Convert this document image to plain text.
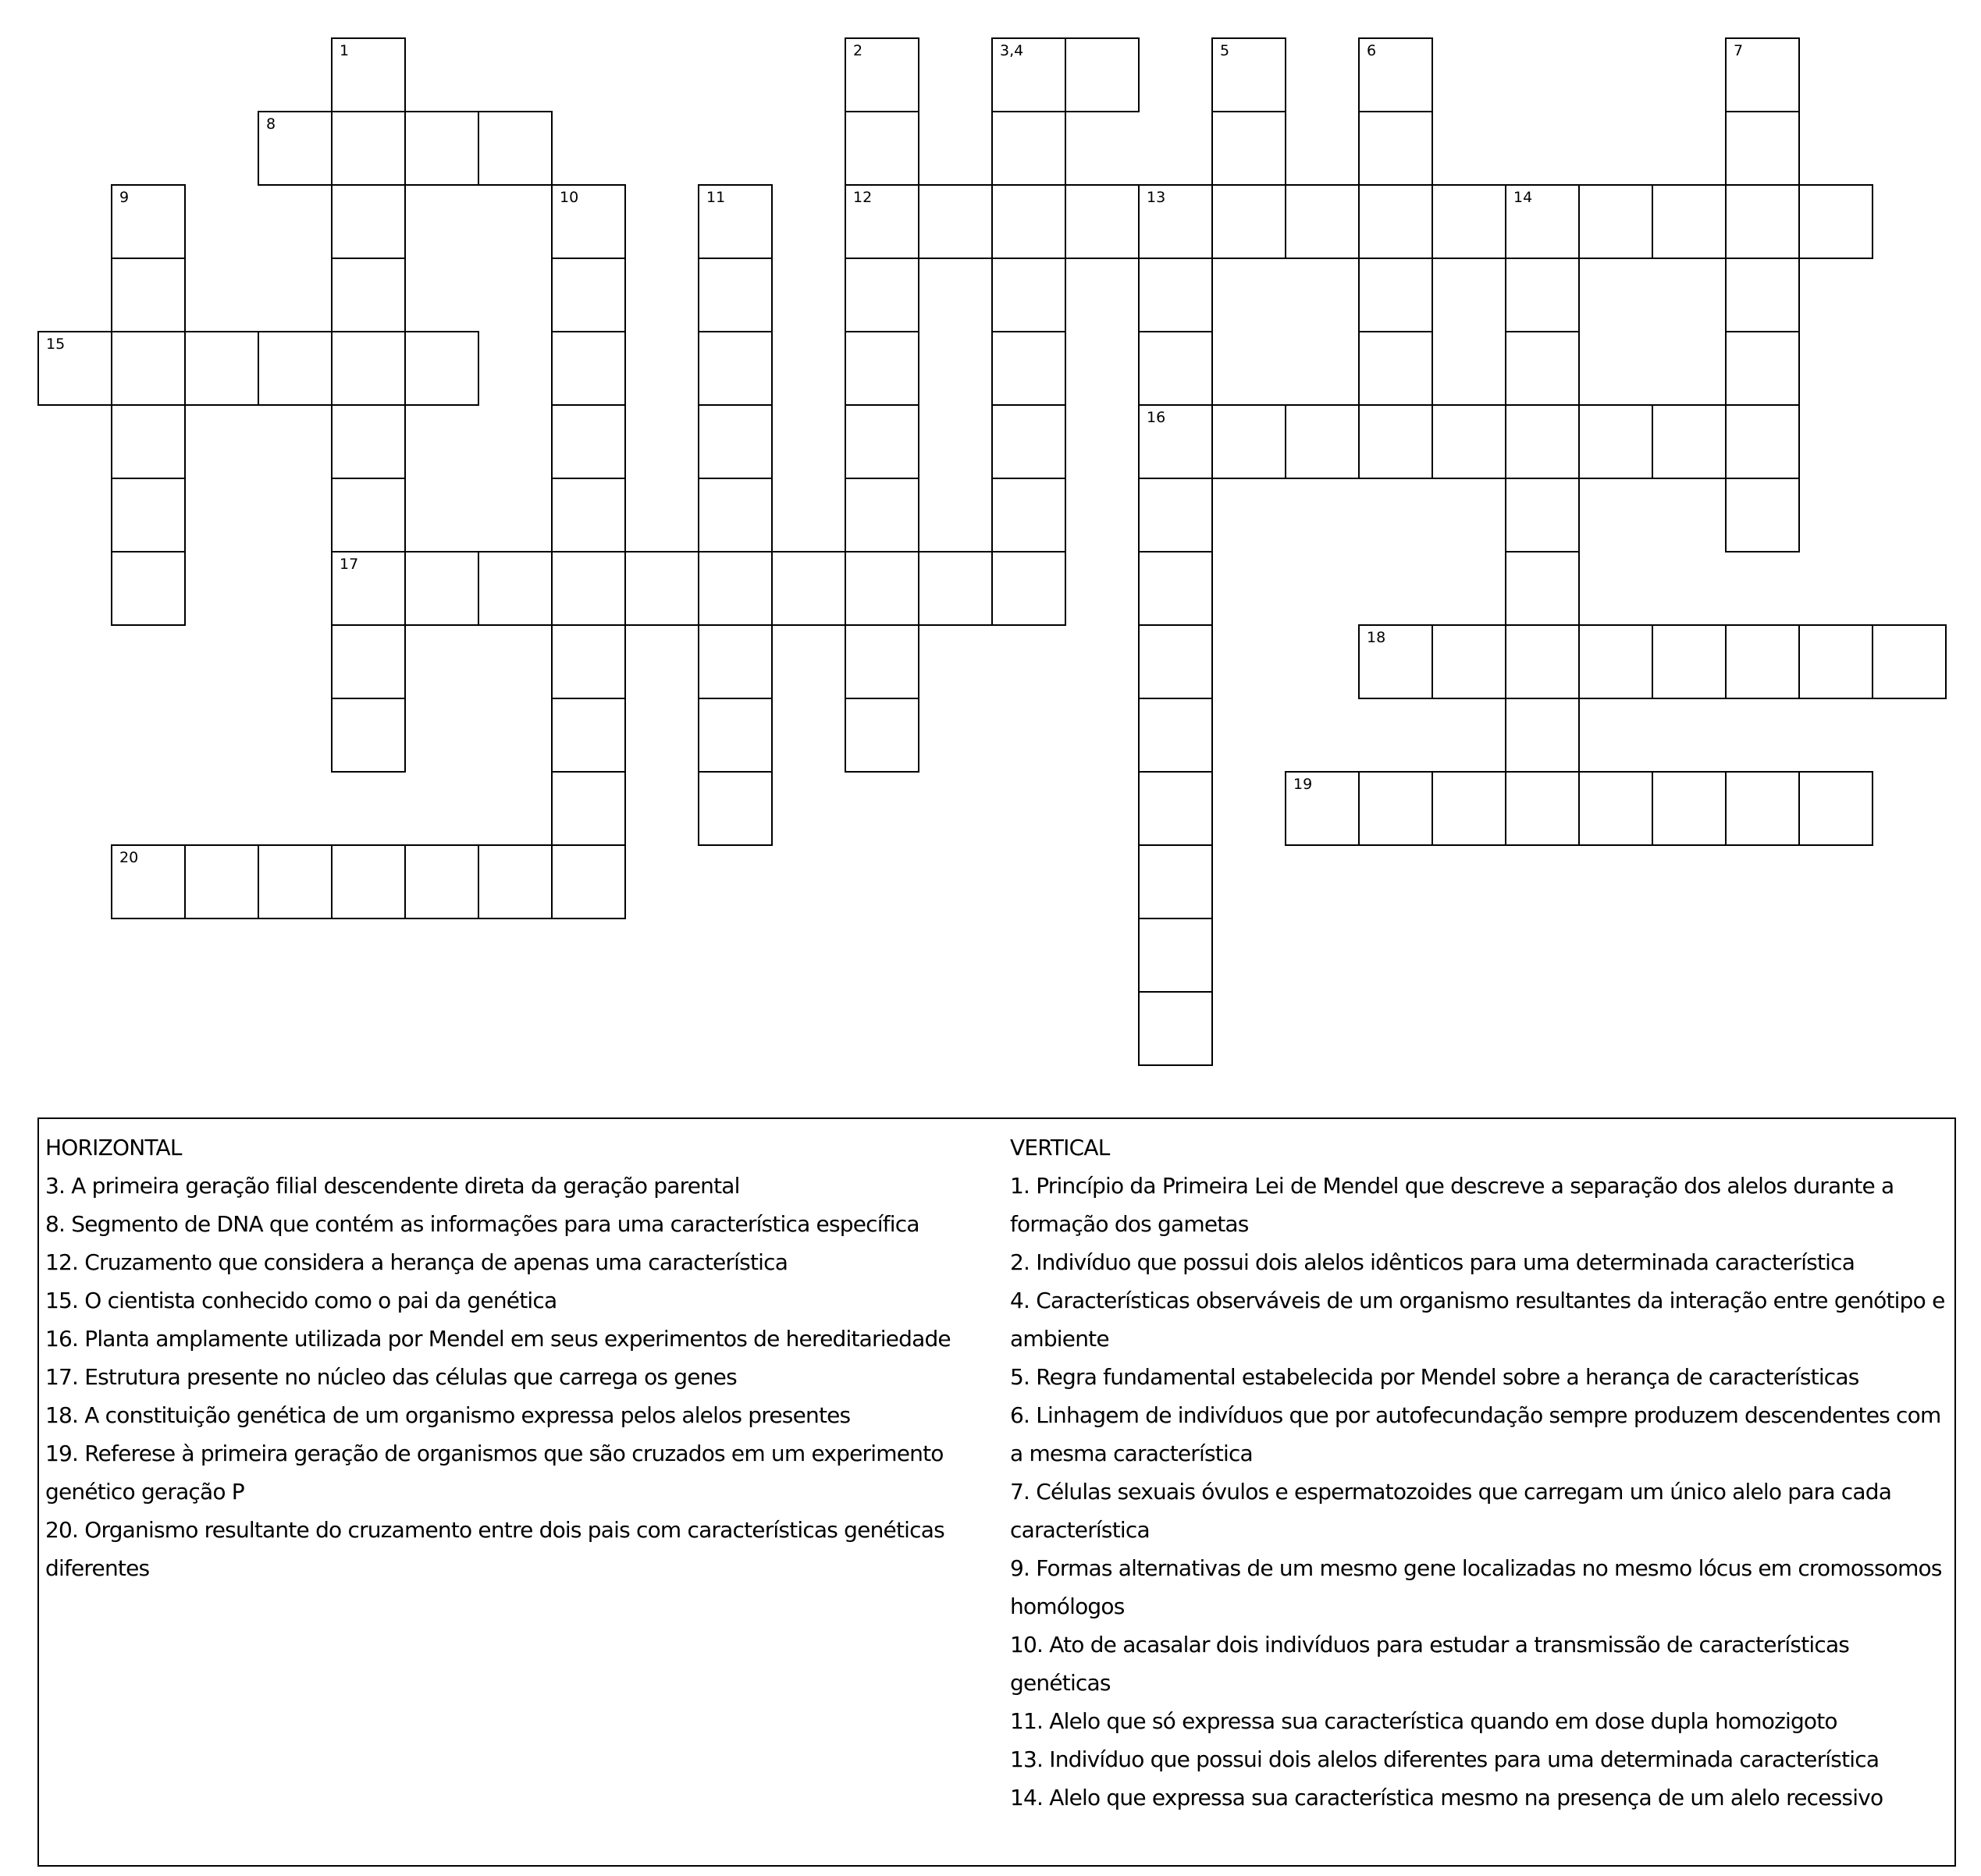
1
17
2
12
3,4	5	6	7
8
9	10	11	13	14
16
15
18
19
20
HORIZONTAL
3. A primeira geração filial descendente direta da geração parental
8. Segmento de DNA que contém as informações para uma característica específica
12. Cruzamento que considera a herança de apenas uma característica
15. O cientista conhecido como o pai da genética
16. Planta amplamente utilizada por Mendel em seus experimentos de hereditariedade
17. Estrutura presente no núcleo das células que carrega os genes
18. A constituição genética de um organismo expressa pelos alelos presentes
19. Referese à primeira geração de organismos que são cruzados em um experimento genético geração P
20. Organismo resultante do cruzamento entre dois pais com características genéticas diferentes
VERTICAL
1. Princípio da Primeira Lei de Mendel que descreve a separação dos alelos durante a formação dos gametas
2. Indivíduo que possui dois alelos idênticos para uma determinada característica
4. Características observáveis de um organismo resultantes da interação entre genótipo e ambiente
5. Regra fundamental estabelecida por Mendel sobre a herança de características
6. Linhagem de indivíduos que por autofecundação sempre produzem descendentes com a mesma característica
7. Células sexuais óvulos e espermatozoides que carregam um único alelo para cada característica
9. Formas alternativas de um mesmo gene localizadas no mesmo lócus em cromossomos homólogos
10. Ato de acasalar dois indivíduos para estudar a transmissão de características genéticas
11. Alelo que só expressa sua característica quando em dose dupla homozigoto
13. Indivíduo que possui dois alelos diferentes para uma determinada característica
14. Alelo que expressa sua característica mesmo na presença de um alelo recessivo
